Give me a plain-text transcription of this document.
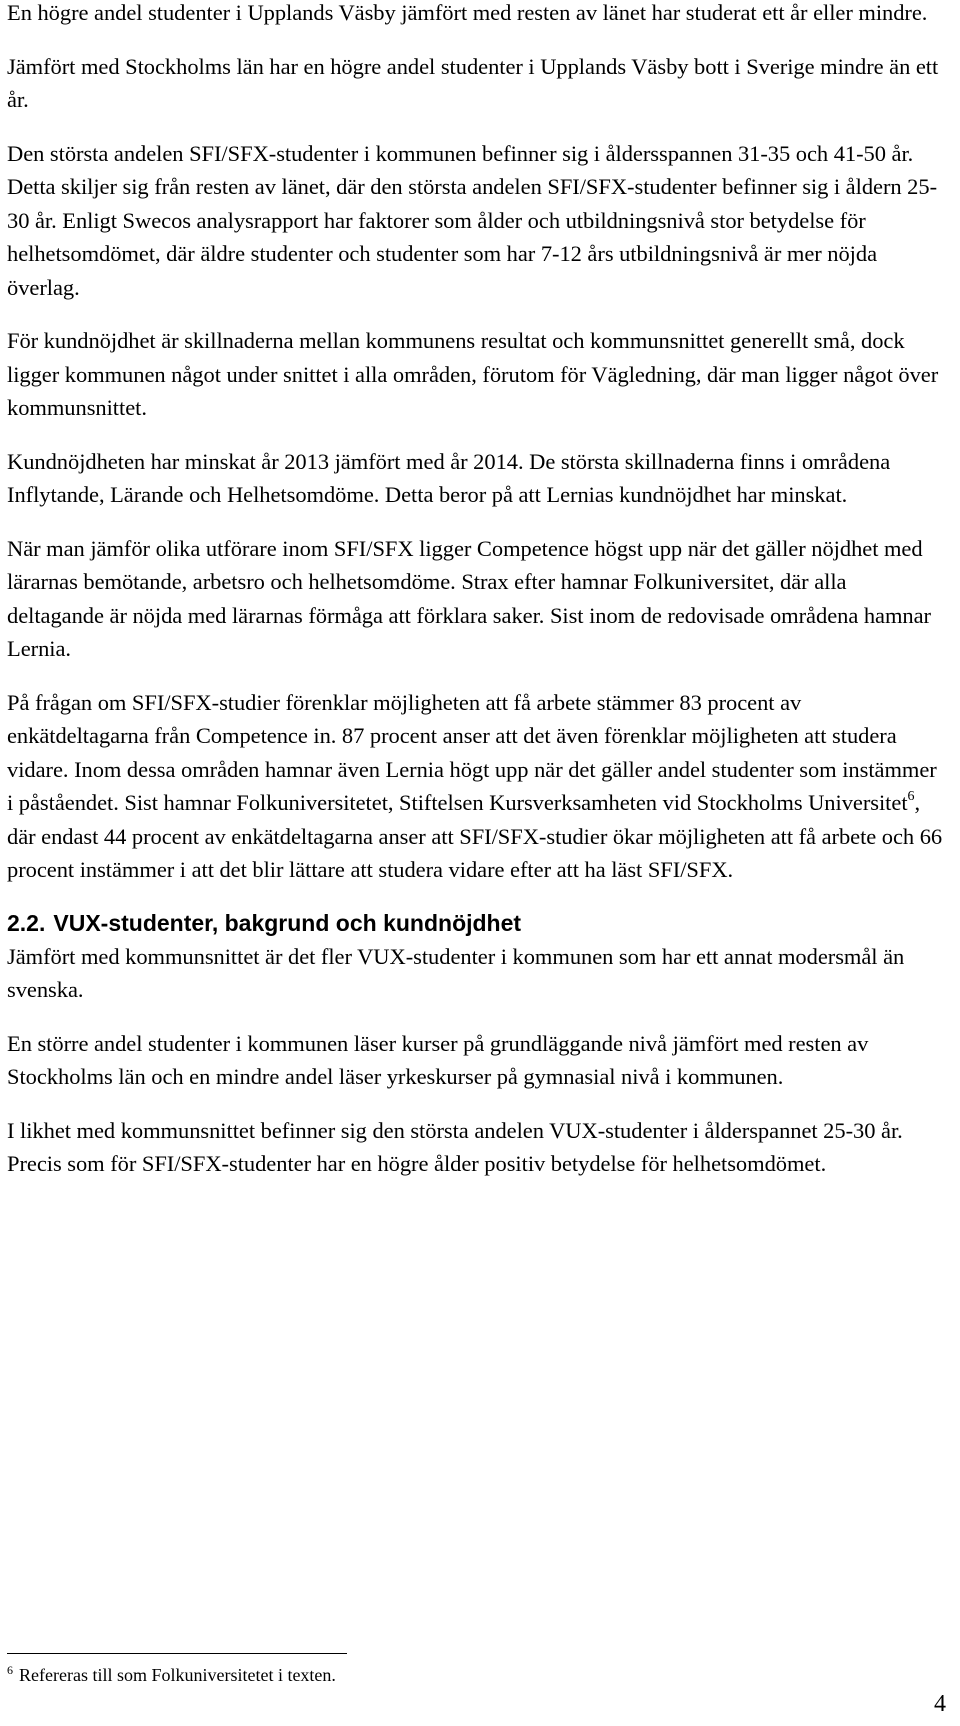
En högre andel studenter i Upplands Väsby jämfört med resten av länet har studerat ett år eller mindre.

Jämfört med Stockholms län har en högre andel studenter i Upplands Väsby bott i Sverige mindre än ett år.

Den största andelen SFI/SFX-studenter i kommunen befinner sig i åldersspannen 31-35 och 41-50 år. Detta skiljer sig från resten av länet, där den största andelen SFI/SFX-studenter befinner sig i åldern 25-30 år. Enligt Swecos analysrapport har faktorer som ålder och utbildningsnivå stor betydelse för helhetsomdömet, där äldre studenter och studenter som har 7-12 års utbildningsnivå är mer nöjda överlag.

För kundnöjdhet är skillnaderna mellan kommunens resultat och kommunsnittet generellt små, dock ligger kommunen något under snittet i alla områden, förutom för Vägledning, där man ligger något över kommunsnittet.

Kundnöjdheten har minskat år 2013 jämfört med år 2014. De största skillnaderna finns i områdena Inflytande, Lärande och Helhetsomdöme. Detta beror på att Lernias kundnöjdhet har minskat.

När man jämför olika utförare inom SFI/SFX ligger Competence högst upp när det gäller nöjdhet med lärarnas bemötande, arbetsro och helhetsomdöme. Strax efter hamnar Folkuniversitet, där alla deltagande är nöjda med lärarnas förmåga att förklara saker. Sist inom de redovisade områdena hamnar Lernia.

På frågan om SFI/SFX-studier förenklar möjligheten att få arbete stämmer 83 procent av enkätdeltagarna från Competence in. 87 procent anser att det även förenklar möjligheten att studera vidare. Inom dessa områden hamnar även Lernia högt upp när det gäller andel studenter som instämmer i påståendet. Sist hamnar Folkuniversitetet, Stiftelsen Kursverksamheten vid Stockholms Universitet$^6$, där endast 44 procent av enkätdeltagarna anser att SFI/SFX-studier ökar möjligheten att få arbete och 66 procent instämmer i att det blir lättare att studera vidare efter att ha läst SFI/SFX.

2.2. VUX-studenter, bakgrund och kundnöjdhet

Jämfört med kommunsnittet är det fler VUX-studenter i kommunen som har ett annat modersmål än svenska.

En större andel studenter i kommunen läser kurser på grundläggande nivå jämfört med resten av Stockholms län och en mindre andel läser yrkeskurser på gymnasial nivå i kommunen.

I likhet med kommunsnittet befinner sig den största andelen VUX-studenter i ålderspannet 25-30 år. Precis som för SFI/SFX-studenter har en högre ålder positiv betydelse för helhetsomdömet.

$^6$ Refereras till som Folkuniversitetet i texten.

4
